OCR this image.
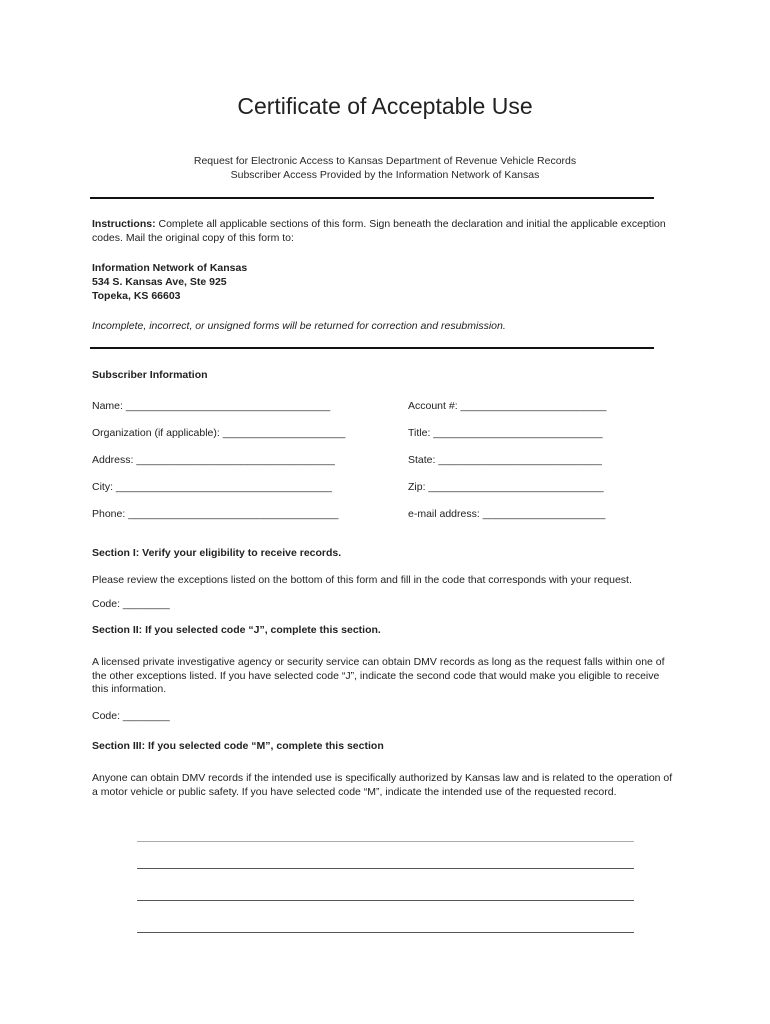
Certificate of Acceptable Use
Request for Electronic Access to Kansas Department of Revenue Vehicle Records
Subscriber Access Provided by the Information Network of Kansas
Instructions: Complete all applicable sections of this form. Sign beneath the declaration and initial the applicable exception codes. Mail the original copy of this form to:
Information Network of Kansas
534 S. Kansas Ave, Ste 925
Topeka, KS 66603
Incomplete, incorrect, or unsigned forms will be returned for correction and resubmission.
Subscriber Information
Name: ___________________________________	Account #: _________________________
Organization (if applicable): _____________________	Title: _____________________________
Address: __________________________________	State: ____________________________
City: _____________________________________	Zip: ______________________________
Phone: ____________________________________	e-mail address: _____________________
Section I: Verify your eligibility to receive records.
Please review the exceptions listed on the bottom of this form and fill in the code that corresponds with your request.
Code: ________
Section II: If you selected code “J”, complete this section.
A licensed private investigative agency or security service can obtain DMV records as long as the request falls within one of the other exceptions listed. If you have selected code “J”, indicate the second code that would make you eligible to receive this information.
Code: ________
Section III: If you selected code “M”, complete this section
Anyone can obtain DMV records if the intended use is specifically authorized by Kansas law and is related to the operation of a motor vehicle or public safety. If you have selected code “M”, indicate the intended use of the requested record.
